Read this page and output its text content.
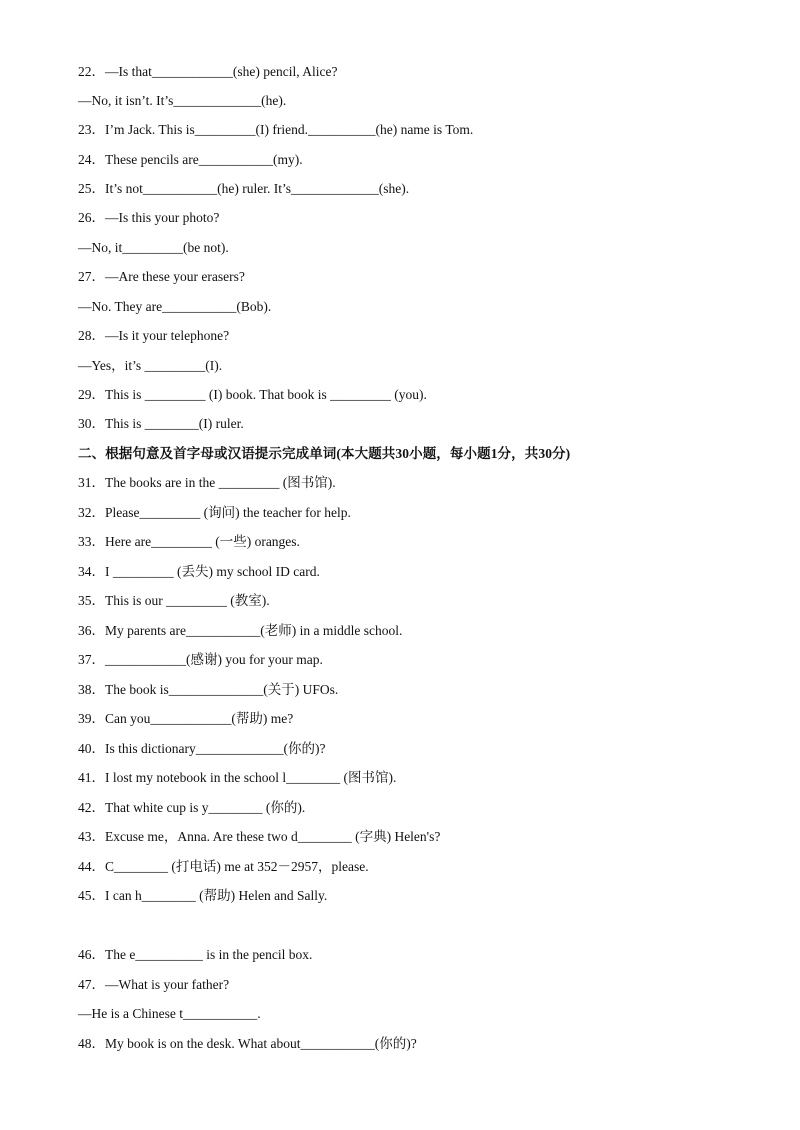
22．—Is that____________(she) pencil, Alice?
—No, it isn’t. It’s_____________(he).
23．I’m Jack. This is_________(I) friend.__________(he) name is Tom.
24．These pencils are___________(my).
25．It’s not___________(he) ruler. It’s_____________(she).
26．—Is this your photo?
—No, it_________(be not).
27．—Are these your erasers?
—No. They are___________(Bob).
28．—Is it your telephone?
—Yes，it’s _________(I).
29．This is _________ (I) book. That book is _________ (you).
30．This is ________(I) ruler.
二、根据句意及首字母或汉语提示完成单词(本大题共30小题，每小题1分，共30分)
31．The books are in the _________ (图书馆).
32．Please_________ (询问) the teacher for help.
33．Here are_________ (一些) oranges.
34．I _________ (丢失) my school ID card.
35．This is our _________ (教室).
36．My parents are___________(老师) in a middle school.
37．____________(感谢) you for your map.
38．The book is______________(关于) UFOs.
39．Can you____________(帮助) me?
40．Is this dictionary_____________(你的)?
41．I lost my notebook in the school l________ (图书馆).
42．That white cup is y________ (你的).
43．Excuse me，Anna. Are these two d________ (字典) Helen's?
44．C________ (打电话) me at 352－2957，please.
45．I can h________ (帮助) Helen and Sally.
46．The e__________ is in the pencil box.
47．—What is your father?
—He is a Chinese t___________.
48．My book is on the desk. What about___________(你的)?
